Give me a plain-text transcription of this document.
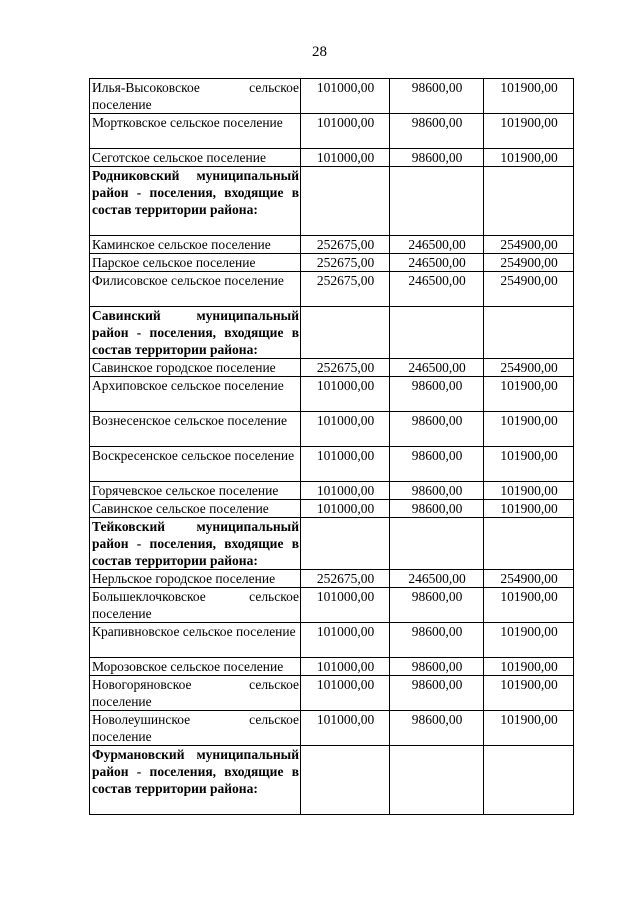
28
Илья-Высоковское сельское поселение	101000,00	98600,00	101900,00
Мортковское сельское поселение	101000,00	98600,00	101900,00
Сеготское сельское поселение	101000,00	98600,00	101900,00
Родниковский муниципальный район - поселения, входящие в состав территории района:			
Каминское сельское поселение	252675,00	246500,00	254900,00
Парское сельское поселение	252675,00	246500,00	254900,00
Филисовское сельское поселение	252675,00	246500,00	254900,00
Савинский муниципальный район - поселения, входящие в состав территории района:			
Савинское городское поселение	252675,00	246500,00	254900,00
Архиповское сельское поселение	101000,00	98600,00	101900,00
Вознесенское сельское поселение	101000,00	98600,00	101900,00
Воскресенское сельское поселение	101000,00	98600,00	101900,00
Горячевское сельское поселение	101000,00	98600,00	101900,00
Савинское сельское поселение	101000,00	98600,00	101900,00
Тейковский муниципальный район - поселения, входящие в состав территории района:			
Нерльское городское поселение	252675,00	246500,00	254900,00
Большеклочковское сельское поселение	101000,00	98600,00	101900,00
Крапивновское сельское поселение	101000,00	98600,00	101900,00
Морозовское сельское поселение	101000,00	98600,00	101900,00
Новогоряновское сельское поселение	101000,00	98600,00	101900,00
Новолеушинское сельское поселение	101000,00	98600,00	101900,00
Фурмановский муниципальный район - поселения, входящие в состав территории района:			
